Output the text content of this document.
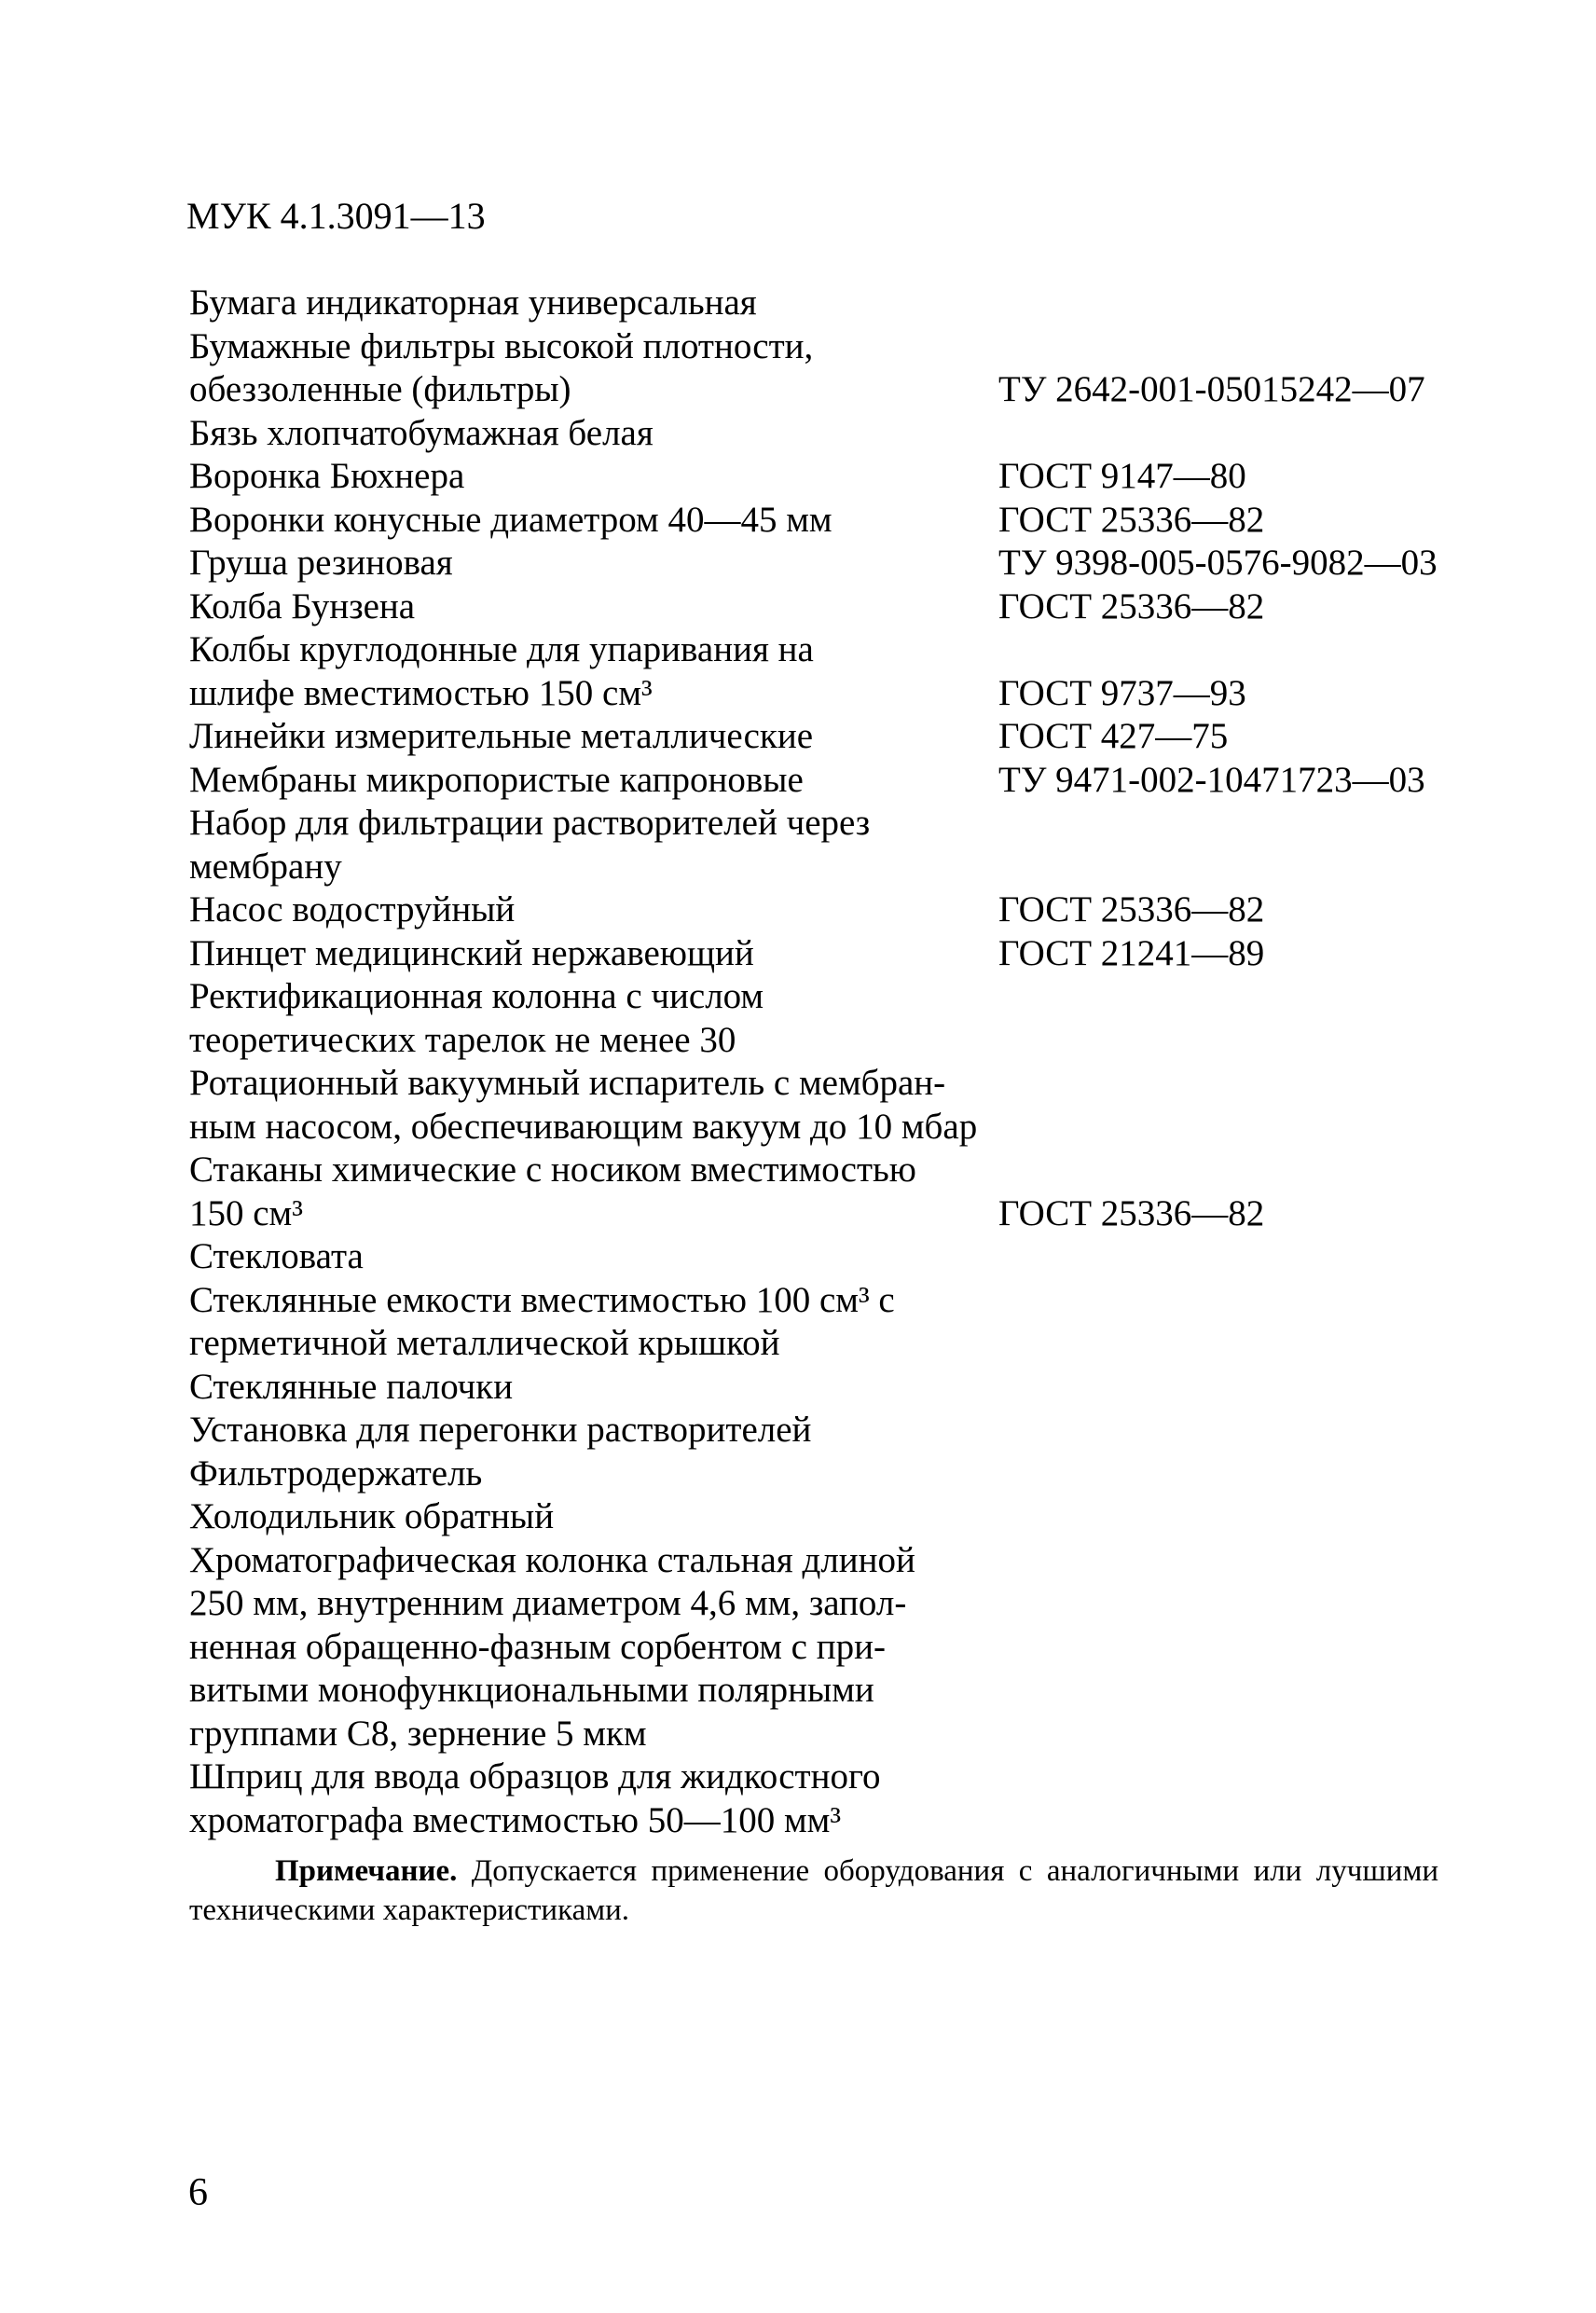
МУК 4.1.3091—13
Бумага индикаторная универсальная
Бумажные фильтры высокой плотности,
обеззоленные (фильтры)	ТУ 2642-001-05015242—07
Бязь хлопчатобумажная белая
Воронка Бюхнера	ГОСТ 9147—80
Воронки конусные диаметром 40—45 мм	ГОСТ 25336—82
Груша резиновая	ТУ 9398-005-0576-9082—03
Колба Бунзена	ГОСТ 25336—82
Колбы круглодонные для упаривания на
шлифе вместимостью 150 см³	ГОСТ 9737—93
Линейки измерительные металлические	ГОСТ 427—75
Мембраны микропористые капроновые	ТУ 9471-002-10471723—03
Набор для фильтрации растворителей через
мембрану
Насос водоструйный	ГОСТ 25336—82
Пинцет медицинский нержавеющий	ГОСТ 21241—89
Ректификационная колонна с числом
теоретических тарелок не менее 30
Ротационный вакуумный испаритель с мембран-
ным насосом, обеспечивающим вакуум до 10 мбар
Стаканы химические с носиком вместимостью
150 см³	ГОСТ 25336—82
Стекловата
Стеклянные емкости вместимостью 100 см³ с
герметичной металлической крышкой
Стеклянные палочки
Установка для перегонки растворителей
Фильтродержатель
Холодильник обратный
Хроматографическая колонка стальная длиной
250 мм, внутренним диаметром 4,6 мм, запол-
ненная обращенно-фазным сорбентом с при-
витыми монофункциональными полярными
группами С8, зернение 5 мкм
Шприц для ввода образцов для жидкостного
хроматографа вместимостью 50—100 мм³
Примечание. Допускается применение оборудования с аналогичными или лучшими техническими характеристиками.
6
